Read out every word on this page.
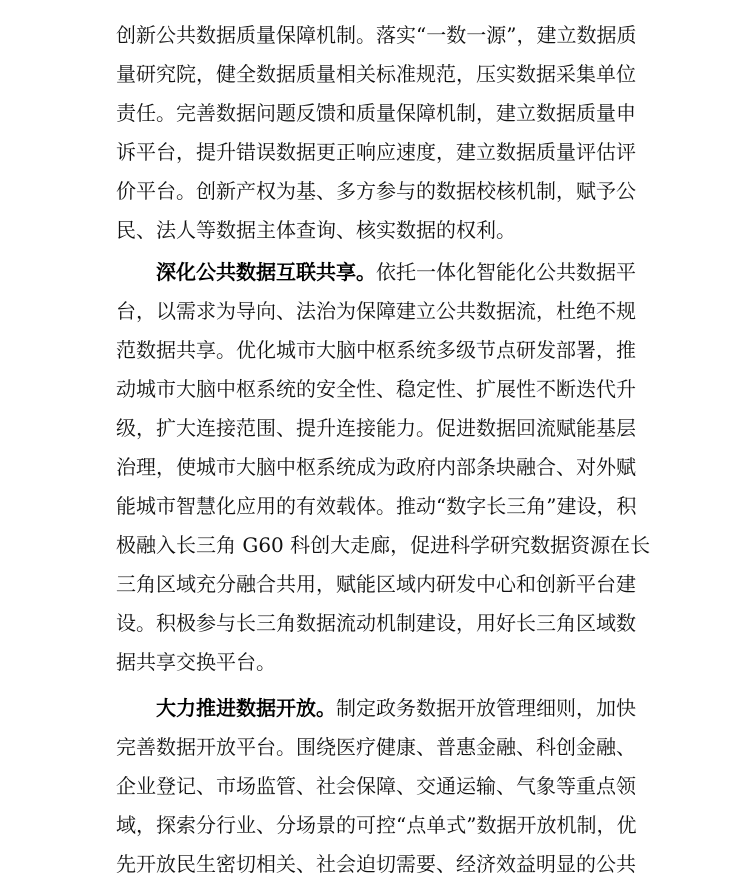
创新公共数据质量保障机制。落实“一数一源”，建立数据质
量研究院，健全数据质量相关标准规范，压实数据采集单位
责任。完善数据问题反馈和质量保障机制，建立数据质量申
诉平台，提升错误数据更正响应速度，建立数据质量评估评
价平台。创新产权为基、多方参与的数据校核机制，赋予公
民、法人等数据主体查询、核实数据的权利。
深化公共数据互联共享。依托一体化智能化公共数据平
台，以需求为导向、法治为保障建立公共数据流，杜绝不规
范数据共享。优化城市大脑中枢系统多级节点研发部署，推
动城市大脑中枢系统的安全性、稳定性、扩展性不断迭代升
级，扩大连接范围、提升连接能力。促进数据回流赋能基层
治理，使城市大脑中枢系统成为政府内部条块融合、对外赋
能城市智慧化应用的有效载体。推动“数字长三角”建设，积
极融入长三角 G60 科创大走廊，促进科学研究数据资源在长
三角区域充分融合共用，赋能区域内研发中心和创新平台建
设。积极参与长三角数据流动机制建设，用好长三角区域数
据共享交换平台。
大力推进数据开放。制定政务数据开放管理细则，加快
完善数据开放平台。围绕医疗健康、普惠金融、科创金融、
企业登记、市场监管、社会保障、交通运输、气象等重点领
域，探索分行业、分场景的可控“点单式”数据开放机制，优
先开放民生密切相关、社会迫切需要、经济效益明显的公共
